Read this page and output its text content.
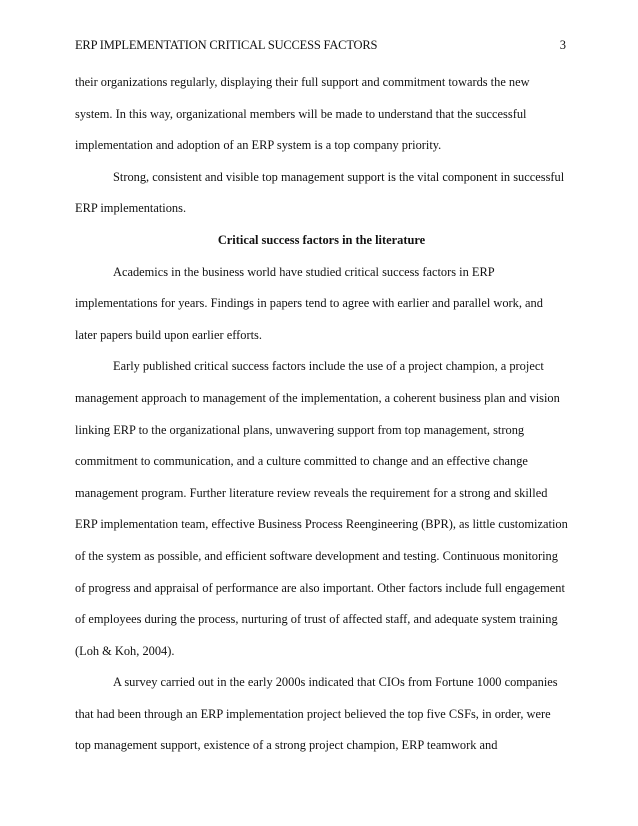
ERP IMPLEMENTATION CRITICAL SUCCESS FACTORS	3

their organizations regularly, displaying their full support and commitment towards the new system. In this way, organizational members will be made to understand that the successful implementation and adoption of an ERP system is a top company priority.

Strong, consistent and visible top management support is the vital component in successful ERP implementations.

Critical success factors in the literature

Academics in the business world have studied critical success factors in ERP implementations for years. Findings in papers tend to agree with earlier and parallel work, and later papers build upon earlier efforts.

Early published critical success factors include the use of a project champion, a project management approach to management of the implementation, a coherent business plan and vision linking ERP to the organizational plans, unwavering support from top management, strong commitment to communication, and a culture committed to change and an effective change management program. Further literature review reveals the requirement for a strong and skilled ERP implementation team, effective Business Process Reengineering (BPR), as little customization of the system as possible, and efficient software development and testing. Continuous monitoring of progress and appraisal of performance are also important. Other factors include full engagement of employees during the process, nurturing of trust of affected staff, and adequate system training (Loh & Koh, 2004).

A survey carried out in the early 2000s indicated that CIOs from Fortune 1000 companies that had been through an ERP implementation project believed the top five CSFs, in order, were top management support, existence of a strong project champion, ERP teamwork and
